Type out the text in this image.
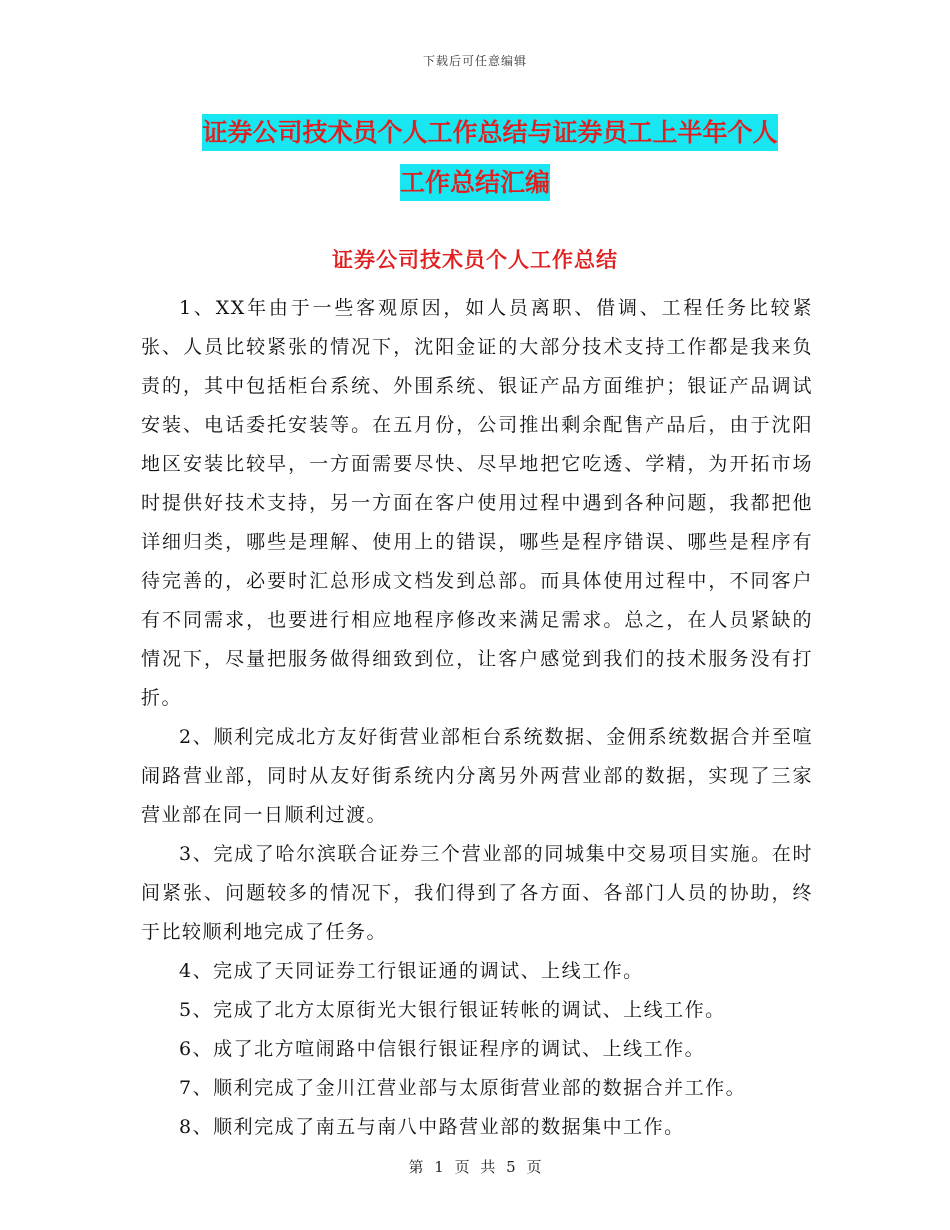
下载后可任意编辑
证券公司技术员个人工作总结与证券员工上半年个人
工作总结汇编
证券公司技术员个人工作总结

1、XX年由于一些客观原因，如人员离职、借调、工程任务比较紧张、人员比较紧张的情况下，沈阳金证的大部分技术支持工作都是我来负责的，其中包括柜台系统、外围系统、银证产品方面维护；银证产品调试安装、电话委托安装等。在五月份，公司推出剩余配售产品后，由于沈阳地区安装比较早，一方面需要尽快、尽早地把它吃透、学精，为开拓市场时提供好技术支持，另一方面在客户使用过程中遇到各种问题，我都把他详细归类，哪些是理解、使用上的错误，哪些是程序错误、哪些是程序有待完善的，必要时汇总形成文档发到总部。而具体使用过程中，不同客户有不同需求，也要进行相应地程序修改来满足需求。总之，在人员紧缺的情况下，尽量把服务做得细致到位，让客户感觉到我们的技术服务没有打折。

2、顺利完成北方友好街营业部柜台系统数据、金佣系统数据合并至喧闹路营业部，同时从友好街系统内分离另外两营业部的数据，实现了三家营业部在同一日顺利过渡。

3、完成了哈尔滨联合证券三个营业部的同城集中交易项目实施。在时间紧张、问题较多的情况下，我们得到了各方面、各部门人员的协助，终于比较顺利地完成了任务。

4、完成了天同证券工行银证通的调试、上线工作。

5、完成了北方太原街光大银行银证转帐的调试、上线工作。

6、成了北方喧闹路中信银行银证程序的调试、上线工作。

7、顺利完成了金川江营业部与太原街营业部的数据合并工作。

8、顺利完成了南五与南八中路营业部的数据集中工作。

第 1 页 共 5 页
